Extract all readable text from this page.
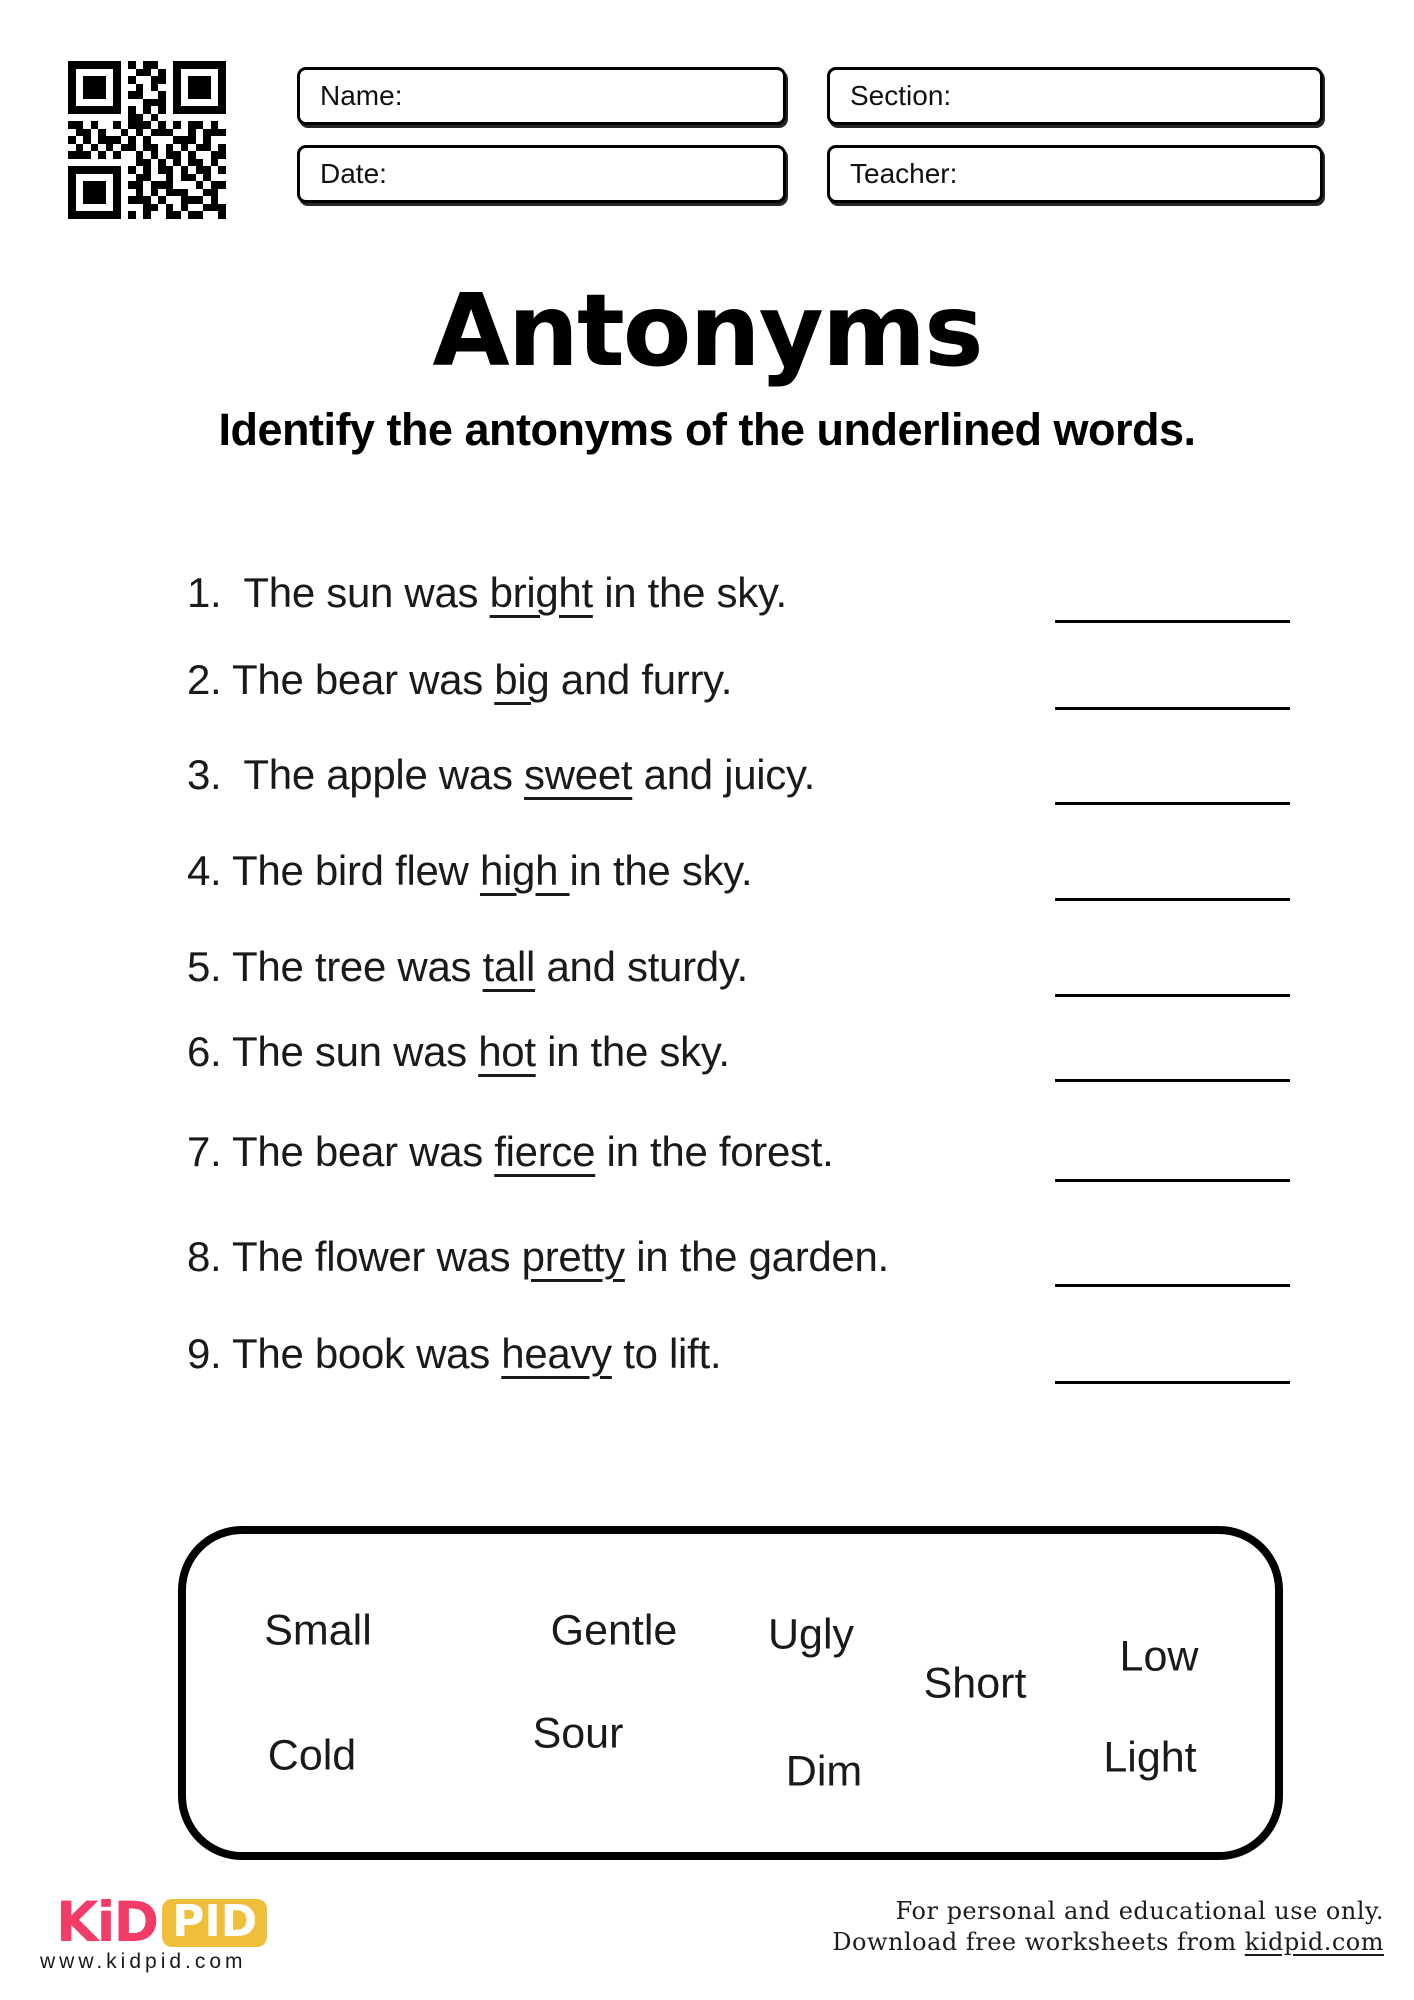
Name:	Section:
Date:	Teacher:
Antonyms
Identify the antonyms of the underlined words.
1.  The sun was bright in the sky.
2. The bear was big and furry.
3.  The apple was sweet and juicy.
4. The bird flew high in the sky.
5. The tree was tall and sturdy.
6. The sun was hot in the sky.
7. The bear was fierce in the forest.
8. The flower was pretty in the garden.
9. The book was heavy to lift.
Small	Gentle Ugly
Short
Low
Cold	Sour
Dim	Light
KiD PID
www.kidpid.com
For personal and educational use only.
Download free worksheets from kidpid.com
